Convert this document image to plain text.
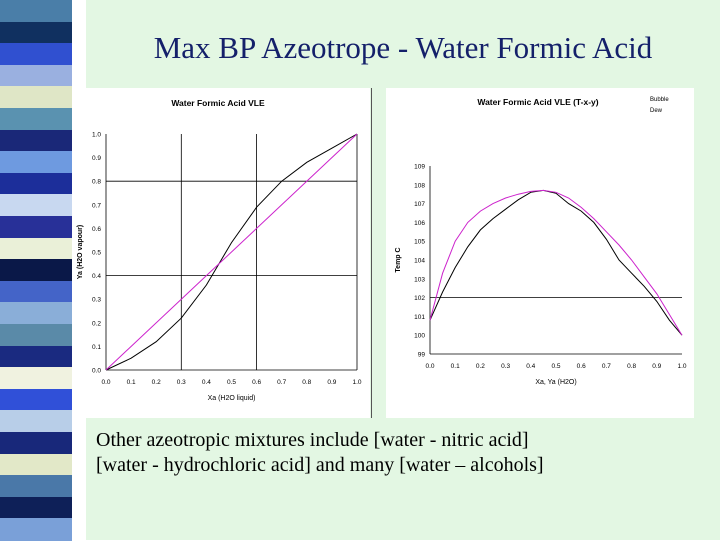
Max BP Azeotrope - Water Formic Acid
Water Formic Acid VLE
0.0 0.1 0.2 0.3 0.4 0.5 0.6 0.7 0.8 0.9 1.0
0.0
0.1
0.2
0.3
0.4
0.5
0.6
0.7
0.8
0.9
1.0
Xa (H2O liquid)
Ya (H2O vapour)
Water Formic Acid VLE (T-x-y)
0.0 0.1 0.2 0.3 0.4 0.5 0.6 0.7 0.8 0.9 1.0
99
100
101
102
103
104
105
106
107
108
109
Xa, Ya (H2O)
Temp C
Bubble
Dew
Other azeotropic mixtures include [water - nitric acid]
[water - hydrochloric acid] and many [water – alcohols]
